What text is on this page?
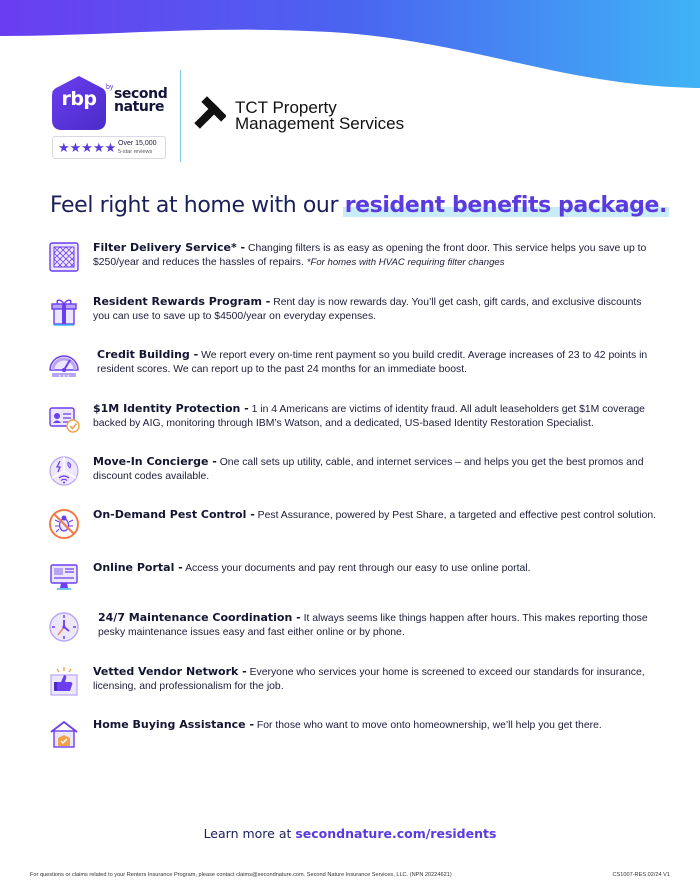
rbp
by second
nature
★★★★★ Over 15,000
5-star reviews
TCT Property
Management Services
Feel right at home with our resident benefits package.
Filter Delivery Service* - Changing filters is as easy as opening the front door. This service helps you save up to $250/year and reduces the hassles of repairs. *For homes with HVAC requiring filter changes
Resident Rewards Program - Rent day is now rewards day. You’ll get cash, gift cards, and exclusive discounts you can use to save up to $4500/year on everyday expenses.
★ ★ ★
Credit Building - We report every on-time rent payment so you build credit. Average increases of 23 to 42 points in resident scores. We can report up to the past 24 months for an immediate boost.
$1M Identity Protection - 1 in 4 Americans are victims of identity fraud. All adult leaseholders get $1M coverage backed by AIG, monitoring through IBM’s Watson, and a dedicated, US-based Identity Restoration Specialist.
Move-In Concierge - One call sets up utility, cable, and internet services – and helps you get the best promos and discount codes available.
On-Demand Pest Control - Pest Assurance, powered by Pest Share, a targeted and effective pest control solution.
Online Portal - Access your documents and pay rent through our easy to use online portal.
24/7 Maintenance Coordination - It always seems like things happen after hours. This makes reporting those pesky maintenance issues easy and fast either online or by phone.
Vetted Vendor Network - Everyone who services your home is screened to exceed our standards for insurance, licensing, and professionalism for the job.
Home Buying Assistance - For those who want to move onto homeownership, we’ll help you get there.
Learn more at secondnature.com/residents
For questions or claims related to your Renters Insurance Program, please contact claims@secondnature.com. Second Nature Insurance Services, LLC. (NPN 20224621)	CS1007-RES 02/24 V1
